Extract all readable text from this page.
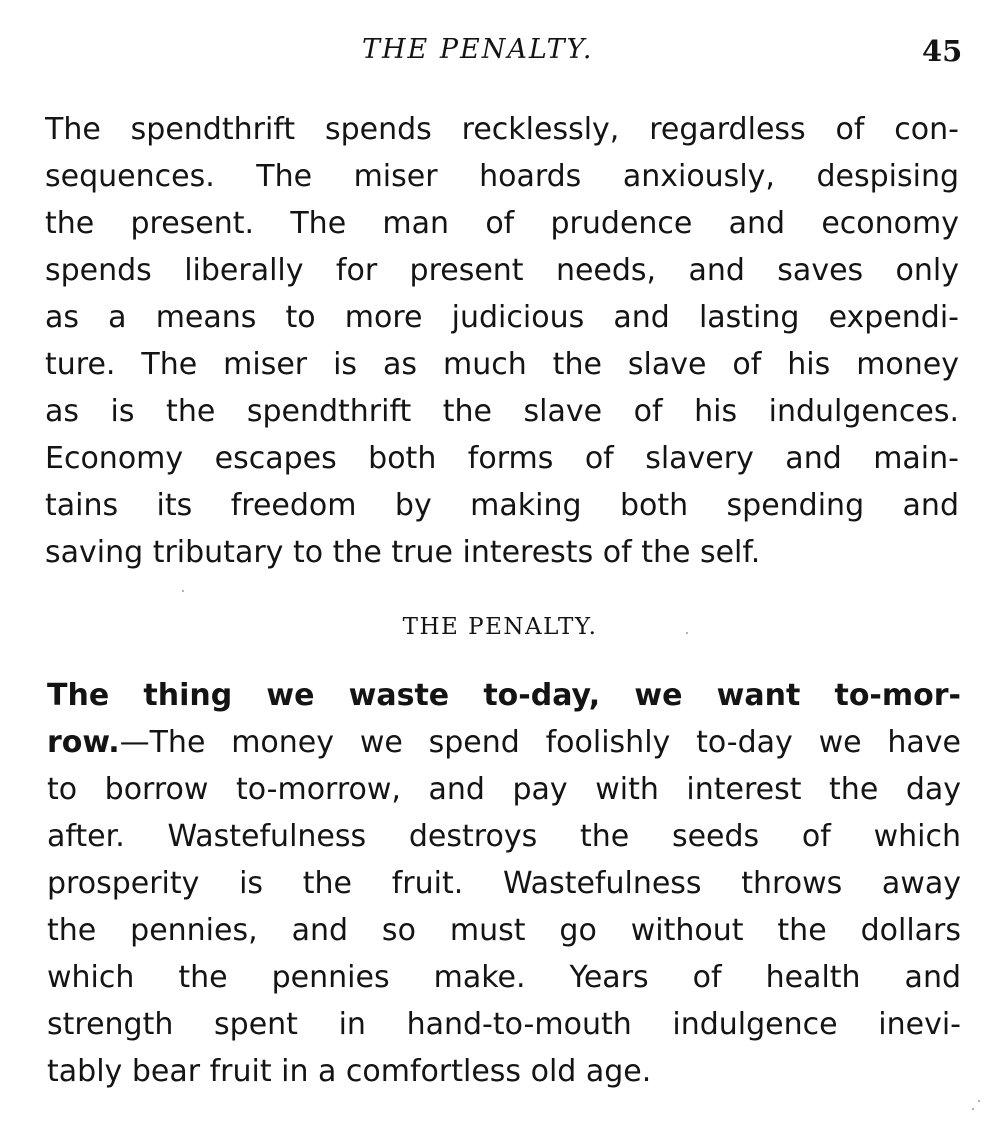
THE PENALTY.	45
The spendthrift spends recklessly, regardless of con-
sequences. The miser hoards anxiously, despising
the present. The man of prudence and economy
spends liberally for present needs, and saves only
as a means to more judicious and lasting expendi-
ture. The miser is as much the slave of his money
as is the spendthrift the slave of his indulgences.
Economy escapes both forms of slavery and main-
tains its freedom by making both spending and
saving tributary to the true interests of the self.
THE PENALTY.
The thing we waste to-day, we want to-mor-
row.—The money we spend foolishly to-day we have
to borrow to-morrow, and pay with interest the day
after. Wastefulness destroys the seeds of which
prosperity is the fruit. Wastefulness throws away
the pennies, and so must go without the dollars
which the pennies make. Years of health and
strength spent in hand-to-mouth indulgence inevi-
tably bear fruit in a comfortless old age.
